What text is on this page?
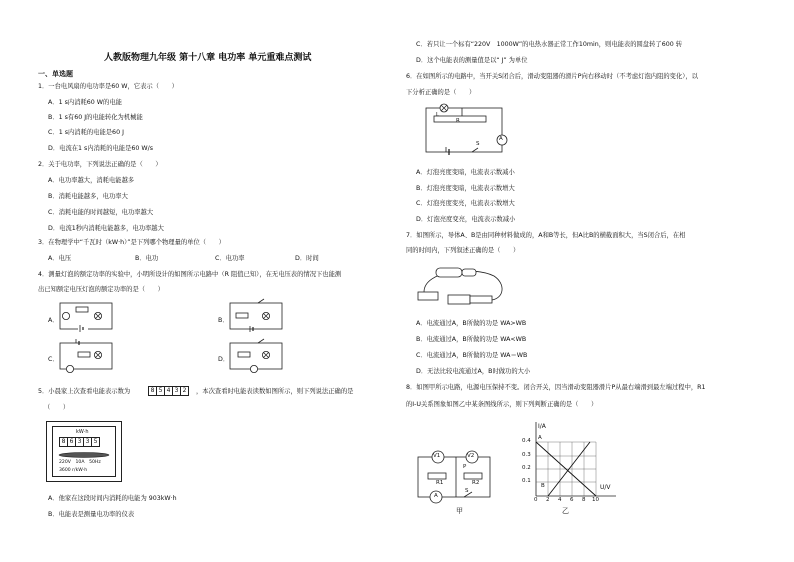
人教版物理九年级 第十八章 电功率 单元重难点测试
一、单选题
1．一台电风扇的电功率是60 W，它表示（　　）
A．1 s内消耗60 W的电能
B．1 s有60 J的电能转化为机械能
C．1 s内消耗的电能是60 J
D．电流在1 s内消耗的电能是60 W/s
2．关于电功率，下列说法正确的是（　　）
A．电功率越大，消耗电能越多
B．消耗电能越多，电功率大
C．消耗电能的时间越短，电功率越大
D．电流1秒内消耗电能越多，电功率越大
3．在物理学中“千瓦时（kW·h）”是下列哪个物理量的单位（　　）
A．电压	B．电功	C．电功率	D．时间
4．测量灯泡的额定功率的实验中，小明所设计的如图所示电路中（R 阻值已知），在无电压表的情况下也能测
出已知额定电压灯泡的额定功率的是（　　）
A．	B．
C．	D．
5．小晨家上次查看电能表示数为	8 5 4 3 2 ，本次查看时电能表读数如图所示，则下列说法正确的是
（　　）
kW·h
8 6 3 3 5
220V　10A　50Hz
3600 r/kW·h
A．他家在这段时间内消耗的电能为 903kW·h
B．电能表是测量电功率的仪表
C．若只让一个标有“220V　1000W”的电热水器正常工作10min，则电能表的圆盘转了600 转
D．这个电能表的测量值是以“ J” 为单位
6．在如图所示的电路中，当开关S闭合后，滑动变阻器的滑片P向右移动时（不考虑灯泡内阻的变化），以
下分析正确的是（　　）
L
R
A
S
A．灯泡亮度变暗，电流表示数减小
B．灯泡亮度变暗，电流表示数增大
C．灯泡亮度变亮，电流表示数增大
D．灯泡亮度变亮，电流表示数减小
7．如图所示，导体A、B是由同种材料做成的，A和B等长，但A比B的横截面积大，当S闭合后，在相
同的时间内，下列叙述正确的是（　　）
A．电流通过A，B所做的功是 WA>WB
B．电流通过A，B所做的功是 WA<WB
C．电流通过A，B所做的功是 WA＝WB
D．无法比较电流通过A，B时做功的大小
8．如图甲所示电路，电源电压保持不变。闭合开关，因当滑动变阻器滑片P从最右端滑到最左端过程中，R1
的I-U关系图象如图乙中某条图线所示，则下列判断正确的是（　　）
V1	V2
R1	R2
P
A
S
甲
I/A
A
B
0.4
0.3
0.2
0.1
0 2 4 6 8 10
U/V
乙
